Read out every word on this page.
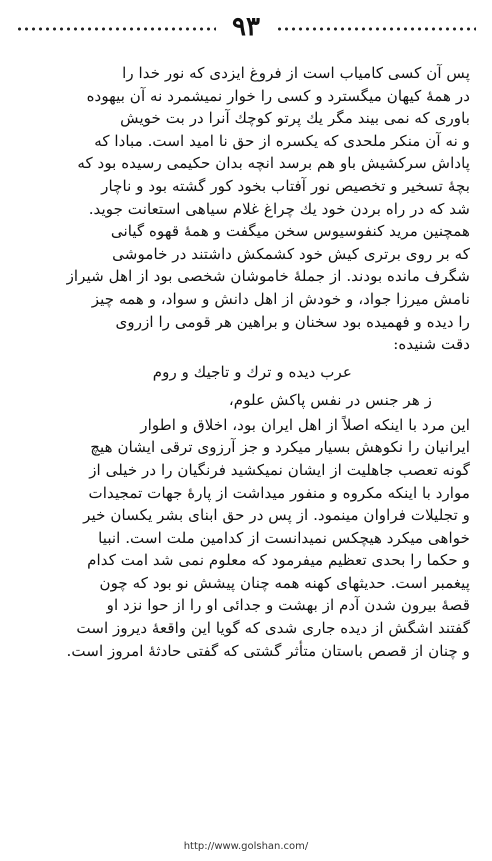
۹۳
پس آن کسی کامیاب است از فروغ ایزدی که نور خدا را
در همهٔ کیهان میگسترد و کسی را خوار نمیشمرد نه آن بیهوده
باوری که نمی بیند مگر یك پرتو کوچك آنرا در بت خویش
و نه آن منکر ملحدی که یکسره از حق نا امید است. مبادا که
پاداش سرکشیش باو هم برسد انچه بدان حکیمی رسیده بود که
بچهٔ تسخیر و تخصیص نور آفتاب بخود کور گشته بود و ناچار
شد که در راه بردن خود یك چراغ غلام سیاهی استعانت جوید.
همچنین مرید کنفوسیوس سخن میگفت و همهٔ قهوه گیانی
که بر روی برتری کیش خود کشمکش داشتند در خاموشی
شگرف مانده بودند. از جملهٔ خاموشان شخصی بود از اهل شیراز
نامش میرزا جواد، و خودش از اهل دانش و سواد، و همه چیز
را دیده و فهمیده بود سخنان و براهین هر قومی را ازروی
دقت شنیده:
عرب دیده و ترك و تاجیك و روم
ز هر جنس در نفس پاکش علوم،
این مرد با اینکه اصلاً از اهل ایران بود، اخلاق و اطوار
ایرانیان را نکوهش بسیار میکرد و جز آرزوی ترقی ایشان هیچ
گونه تعصب جاهلیت از ایشان نمیکشید فرنگیان را در خیلی از
موارد با اینکه مکروه و منفور میداشت از پارهٔ جهات تمجیدات
و تجلیلات فراوان مینمود. از پس در حق ابنای بشر یکسان خیر
خواهی میکرد هیچکس نمیدانست از کدامین ملت است. انبیا
و حکما را بحدی تعظیم میفرمود که معلوم نمی شد امت کدام
پیغمبر است. حدیثهای کهنه همه چنان پیشش نو بود که چون
قصهٔ بیرون شدن آدم از بهشت و جدائی او را از حوا نزد او
گفتند اشگش از دیده جاری شدی که گویا این واقعهٔ دیروز است
و چنان از قصص باستان متأثر گشتی که گفتی حادثهٔ امروز است.
http://www.golshan.com/
